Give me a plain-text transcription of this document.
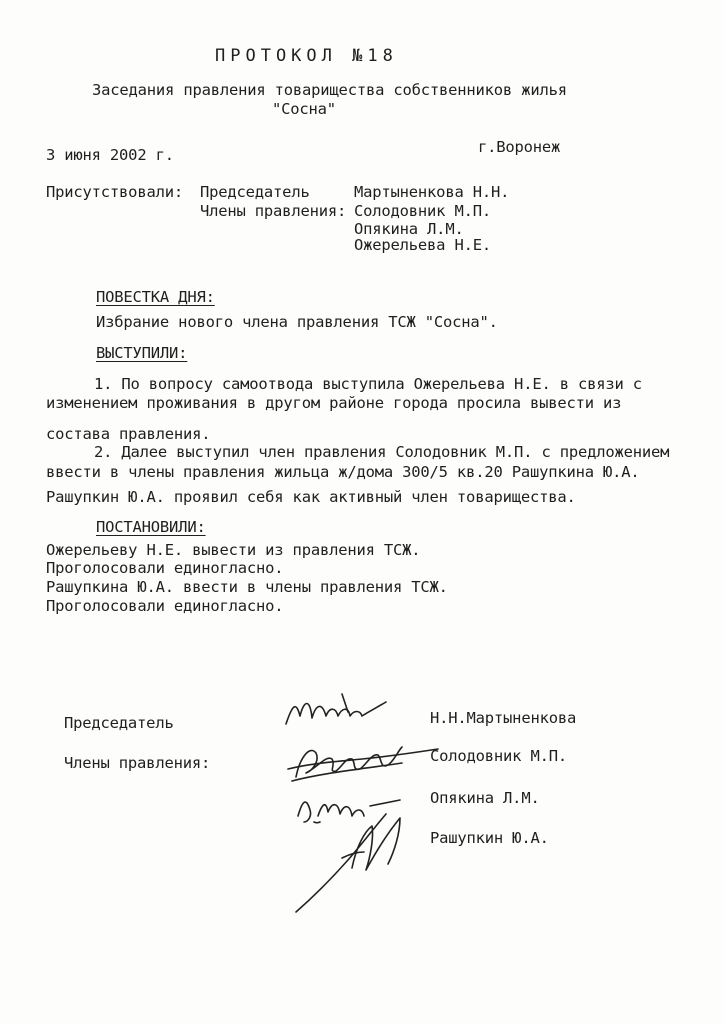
ПРОТОКОЛ №18
Заседания правления товарищества собственников жилья
"Сосна"
3 июня 2002 г.	г.Воронеж
Присутствовали: Председатель
Члены правления:
Мартыненкова Н.Н.
Солодовник М.П.
Опякина Л.М.
Ожерельева Н.Е.
ПОВЕСТКА ДНЯ:
Избрание нового члена правления ТСЖ "Сосна".
ВЫСТУПИЛИ:
1. По вопросу самоотвода выступила Ожерельева Н.Е. в связи с
изменением проживания в другом районе города просила вывести из
состава правления.
2. Далее выступил член правления Солодовник М.П. с предложением
ввести в члены правления жильца ж/дома 300/5 кв.20 Рашупкина Ю.А.
Рашупкин Ю.А. проявил себя как активный член товарищества.
ПОСТАНОВИЛИ:
Ожерельеву Н.Е. вывести из правления ТСЖ.
Проголосовали единогласно.
Рашупкина Ю.А. ввести в члены правления ТСЖ.
Проголосовали единогласно.
Председатель
Члены правления:
Н.Н.Мартыненкова
Солодовник М.П.
Опякина Л.М.
Рашупкин Ю.А.
